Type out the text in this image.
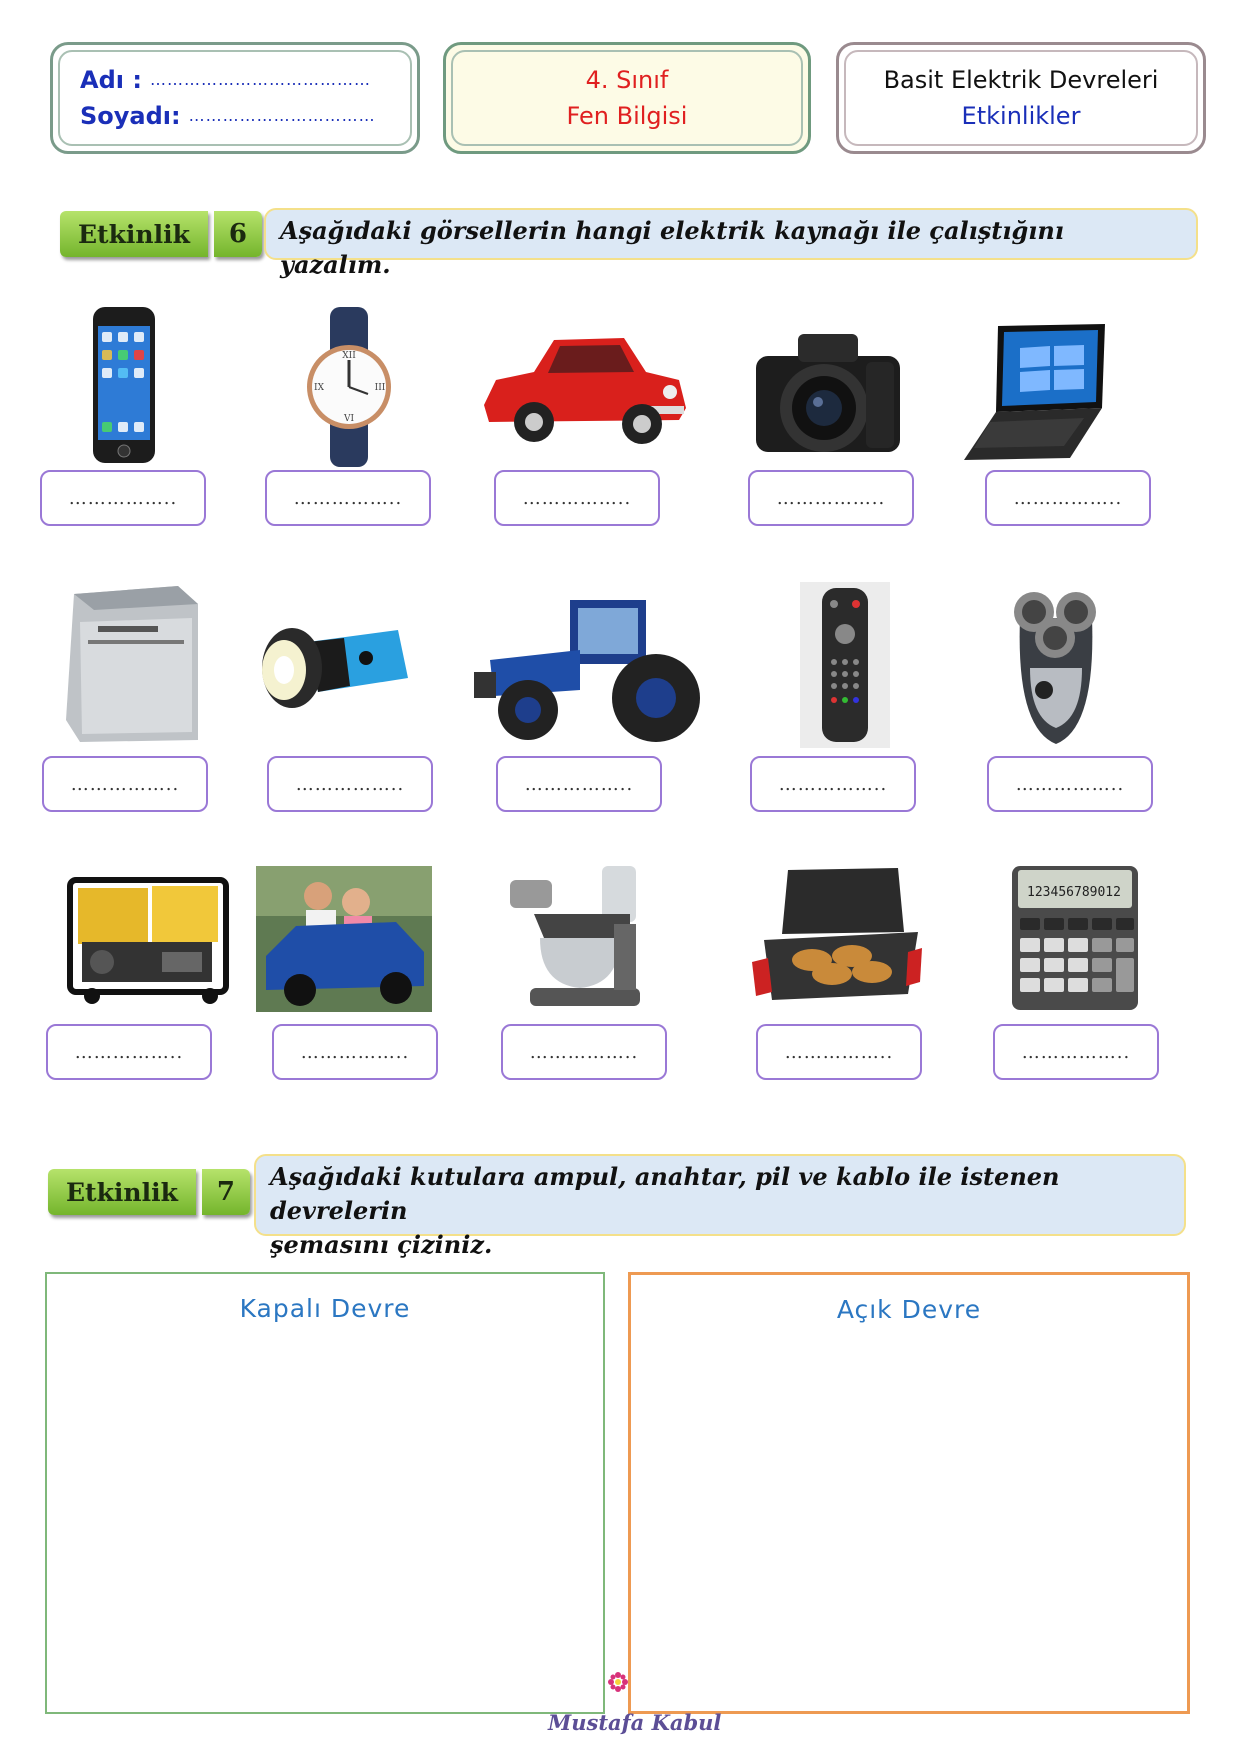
Adı : …………………………………
Soyadı: ……………………………
4. Sınıf
Fen Bilgisi
Basit Elektrik Devreleri
Etkinlikler
Etkinlik	6	Aşağıdaki görsellerin hangi elektrik kaynağı ile çalıştığını yazalım.
XII
III
VI
IX
……………..	……………..	……………..	……………..	……………..
……………..	……………..	……………..	……………..	……………..
123456789012
……………..	……………..	……………..	……………..	……………..
Etkinlik	7
Aşağıdaki kutulara ampul, anahtar, pil ve kablo ile istenen devrelerin
şemasını çiziniz.
Kapalı Devre	Açık Devre
Mustafa Kabul
